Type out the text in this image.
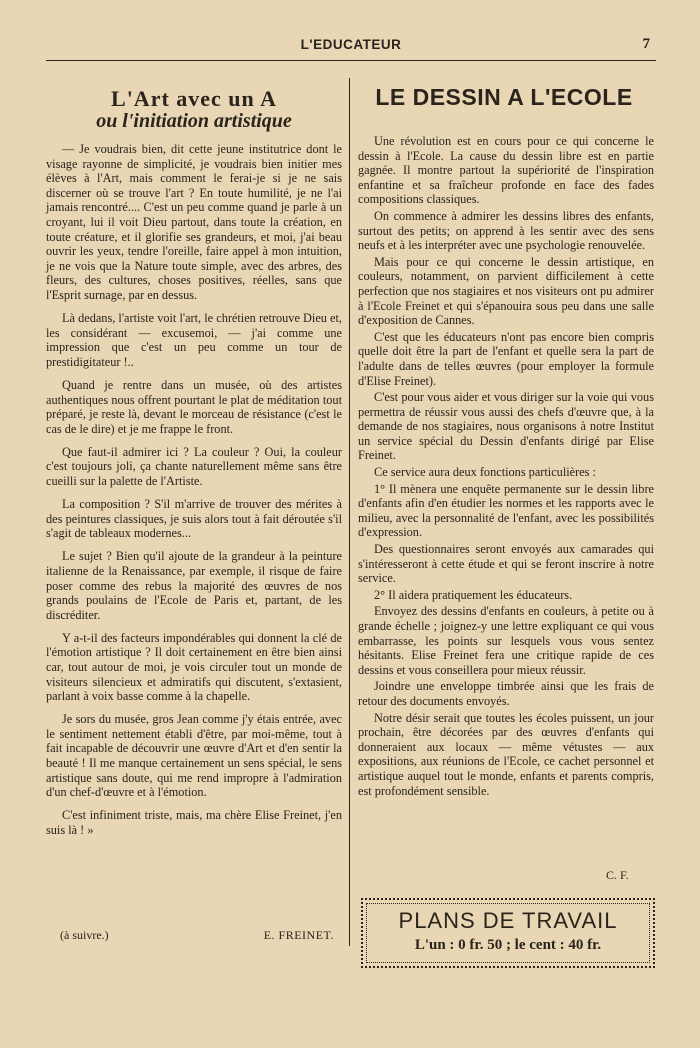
L'EDUCATEUR	7
L'Art avec un A
ou l'initiation artistique

— Je voudrais bien, dit cette jeune institutrice dont le visage rayonne de simplicité, je voudrais bien initier mes élèves à l'Art, mais comment le ferai-je si je ne sais discerner où se trouve l'art ? En toute humilité, je ne l'ai jamais rencontré.... C'est un peu comme quand je parle à un croyant, lui il voit Dieu partout, dans toute la création, en toute créature, et il glorifie ses grandeurs, et moi, j'ai beau ouvrir les yeux, tendre l'oreille, faire appel à mon intuition, je ne vois que la Nature toute simple, avec des arbres, des fleurs, des cultures, choses positives, réelles, sans que l'Esprit surnage, par en dessus.

Là dedans, l'artiste voit l'art, le chrétien retrouve Dieu et, les considérant — excusemoi, — j'ai comme une impression que c'est un peu comme un tour de prestidigitateur !..

Quand je rentre dans un musée, où des artistes authentiques nous offrent pourtant le plat de méditation tout préparé, je reste là, devant le morceau de résistance (c'est le cas de le dire) et je me frappe le front.

Que faut-il admirer ici ? La couleur ? Oui, la couleur c'est toujours joli, ça chante naturellement même sans être cueilli sur la palette de l'Artiste.

La composition ? S'il m'arrive de trouver des mérites à des peintures classiques, je suis alors tout à fait déroutée s'il s'agit de tableaux modernes...

Le sujet ? Bien qu'il ajoute de la grandeur à la peinture italienne de la Renaissance, par exemple, il risque de faire poser comme des rebus la majorité des œuvres de nos grands poulains de l'Ecole de Paris et, partant, de les discréditer.

Y a-t-il des facteurs impondérables qui donnent la clé de l'émotion artistique ? Il doit certainement en être bien ainsi car, tout autour de moi, je vois circuler tout un monde de visiteurs silencieux et admiratifs qui discutent, s'extasient, parlant à voix basse comme à la chapelle.

Je sors du musée, gros Jean comme j'y étais entrée, avec le sentiment nettement établi d'être, par moi-même, tout à fait incapable de découvrir une œuvre d'Art et d'en sentir la beauté ! Il me manque certainement un sens spécial, le sens artistique sans doute, qui me rend impropre à l'admiration d'un chef-d'œuvre et à l'émotion.

C'est infiniment triste, mais, ma chère Elise Freinet, j'en suis là ! »

(à suivre.)	E. FREINET.
LE DESSIN A L'ECOLE

Une révolution est en cours pour ce qui concerne le dessin à l'Ecole. La cause du dessin libre est en partie gagnée. Il montre partout la supériorité de l'inspiration enfantine et sa fraîcheur profonde en face des fades compositions classiques.

On commence à admirer les dessins libres des enfants, surtout des petits; on apprend à les sentir avec des sens neufs et à les interpréter avec une psychologie renouvelée.

Mais pour ce qui concerne le dessin artistique, en couleurs, notamment, on parvient difficilement à cette perfection que nos stagiaires et nos visiteurs ont pu admirer à l'Ecole Freinet et qui s'épanouira sous peu dans une salle d'exposition de Cannes.

C'est que les éducateurs n'ont pas encore bien compris quelle doit être la part de l'enfant et quelle sera la part de l'adulte dans de telles œuvres (pour employer la formule d'Elise Freinet).

C'est pour vous aider et vous diriger sur la voie qui vous permettra de réussir vous aussi des chefs d'œuvre que, à la demande de nos stagiaires, nous organisons à notre Institut un service spécial du Dessin d'enfants dirigé par Elise Freinet.

Ce service aura deux fonctions particulières :

1° Il mènera une enquête permanente sur le dessin libre d'enfants afin d'en étudier les normes et les rapports avec le milieu, avec la personnalité de l'enfant, avec les possibilités d'expression.

Des questionnaires seront envoyés aux camarades qui s'intéresseront à cette étude et qui se feront inscrire à notre service.

2° Il aidera pratiquement les éducateurs.

Envoyez des dessins d'enfants en couleurs, à petite ou à grande échelle ; joignez-y une lettre expliquant ce qui vous embarrasse, les points sur lesquels vous vous sentez hésitants. Elise Freinet fera une critique rapide de ces dessins et vous conseillera pour mieux réussir.

Joindre une enveloppe timbrée ainsi que les frais de retour des documents envoyés.

Notre désir serait que toutes les écoles puissent, un jour prochain, être décorées par des œuvres d'enfants qui donneraient aux locaux — même vétustes — aux expositions, aux réunions de l'Ecole, ce cachet personnel et artistique auquel tout le monde, enfants et parents compris, est profondément sensible.

C. F.
PLANS DE TRAVAIL
L'un : 0 fr. 50 ; le cent : 40 fr.
